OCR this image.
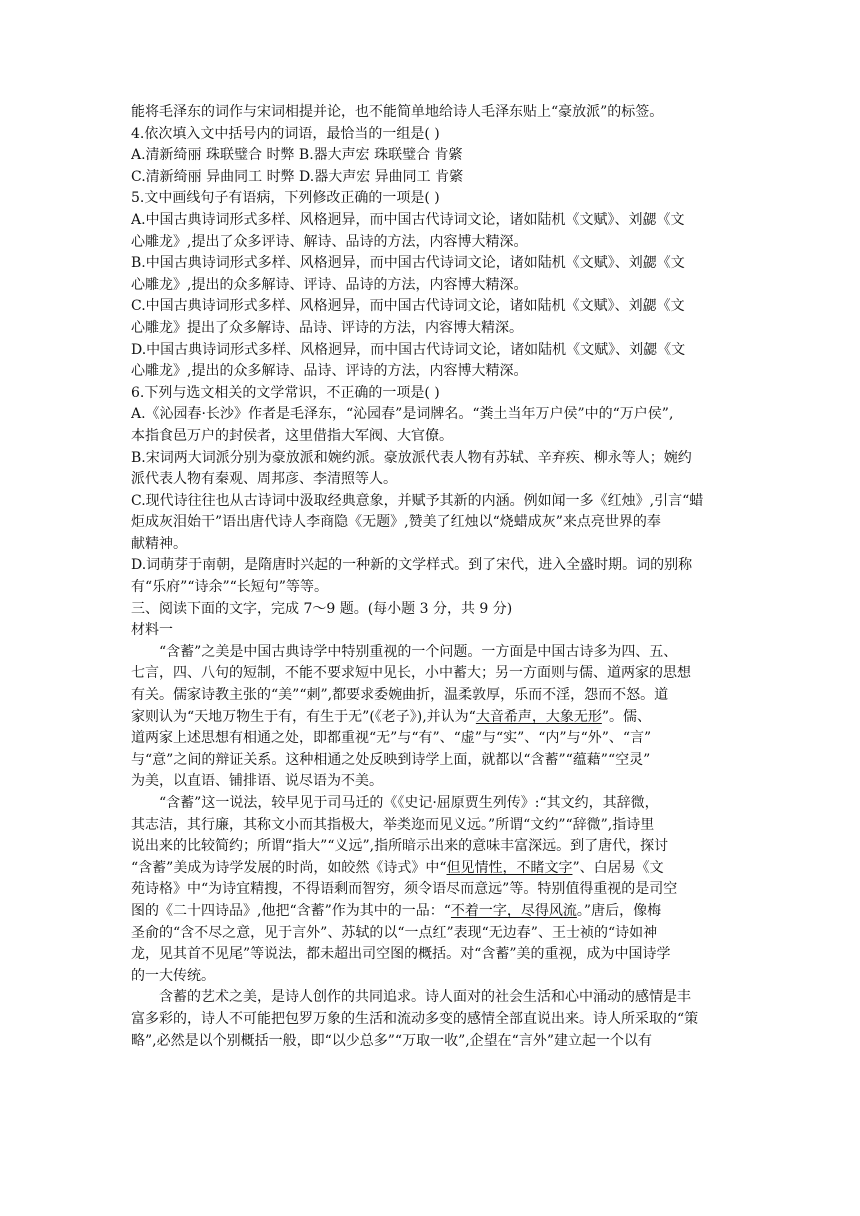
能将毛泽东的词作与宋词相提并论，也不能简单地给诗人毛泽东贴上“豪放派”的标签。
4.依次填入文中括号内的词语，最恰当的一组是( )
A.清新绮丽 珠联璧合 时弊 B.器大声宏 珠联璧合 肯綮
C.清新绮丽 异曲同工 时弊 D.器大声宏 异曲同工 肯綮
5.文中画线句子有语病，下列修改正确的一项是( )
A.中国古典诗词形式多样、风格迥异，而中国古代诗词文论，诸如陆机《文赋》、刘勰《文
心雕龙》,提出了众多评诗、解诗、品诗的方法，内容博大精深。
B.中国古典诗词形式多样、风格迥异，而中国古代诗词文论，诸如陆机《文赋》、刘勰《文
心雕龙》,提出的众多解诗、评诗、品诗的方法，内容博大精深。
C.中国古典诗词形式多样、风格迥异，而中国古代诗词文论，诸如陆机《文赋》、刘勰《文
心雕龙》提出了众多解诗、品诗、评诗的方法，内容博大精深。
D.中国古典诗词形式多样、风格迥异，而中国古代诗词文论，诸如陆机《文赋》、刘勰《文
心雕龙》,提出的众多解诗、品诗、评诗的方法，内容博大精深。
6.下列与选文相关的文学常识，不正确的一项是( )
A.《沁园春·长沙》作者是毛泽东，“沁园春”是词牌名。“粪土当年万户侯”中的“万户侯”,
本指食邑万户的封侯者，这里借指大军阀、大官僚。
B.宋词两大词派分别为豪放派和婉约派。豪放派代表人物有苏轼、辛弃疾、柳永等人；婉约
派代表人物有秦观、周邦彦、李清照等人。
C.现代诗往往也从古诗词中汲取经典意象，并赋予其新的内涵。例如闻一多《红烛》,引言“蜡
炬成灰泪始干”语出唐代诗人李商隐《无题》,赞美了红烛以“烧蜡成灰”来点亮世界的奉
献精神。
D.词萌芽于南朝，是隋唐时兴起的一种新的文学样式。到了宋代，进入全盛时期。词的别称
有“乐府”“诗余”“长短句”等等。
三、阅读下面的文字，完成 7～9 题。(每小题 3 分，共 9 分)
材料一
“含蓄”之美是中国古典诗学中特别重视的一个问题。一方面是中国古诗多为四、五、
七言，四、八句的短制，不能不要求短中见长，小中蓄大；另一方面则与儒、道两家的思想
有关。儒家诗教主张的“美”“刺”,都要求委婉曲折，温柔敦厚，乐而不淫，怨而不怒。道
家则认为“天地万物生于有，有生于无”(《老子》),并认为“大音希声，大象无形”。儒、
道两家上述思想有相通之处，即都重视“无”与“有”、“虚”与“实”、“内”与“外”、“言”
与“意”之间的辩证关系。这种相通之处反映到诗学上面，就都以“含蓄”“蕴藉”“空灵”
为美，以直语、铺排语、说尽语为不美。
“含蓄”这一说法，较早见于司马迁的《《史记·屈原贾生列传》:“其文约，其辞微，
其志洁，其行廉，其称文小而其指极大，举类迩而见义远。”所谓“文约”“辞微”,指诗里
说出来的比较简约；所谓“指大”“义远”,指所暗示出来的意味丰富深远。到了唐代，探讨
“含蓄”美成为诗学发展的时尚，如皎然《诗式》中“但见情性，不睹文字”、白居易《文
苑诗格》中“为诗宜精搜，不得语剩而智穷，须令语尽而意远”等。特别值得重视的是司空
图的《二十四诗品》,他把“含蓄”作为其中的一品：“不着一字，尽得风流。”唐后，像梅
圣俞的“含不尽之意，见于言外”、苏轼的以“一点红”表现“无边春”、王士祯的“诗如神
龙，见其首不见尾”等说法，都未超出司空图的概括。对“含蓄”美的重视，成为中国诗学
的一大传统。
含蓄的艺术之美，是诗人创作的共同追求。诗人面对的社会生活和心中涌动的感情是丰
富多彩的，诗人不可能把包罗万象的生活和流动多变的感情全部直说出来。诗人所采取的“策
略”,必然是以个别概括一般，即“以少总多”“万取一收”,企望在“言外”建立起一个以有
